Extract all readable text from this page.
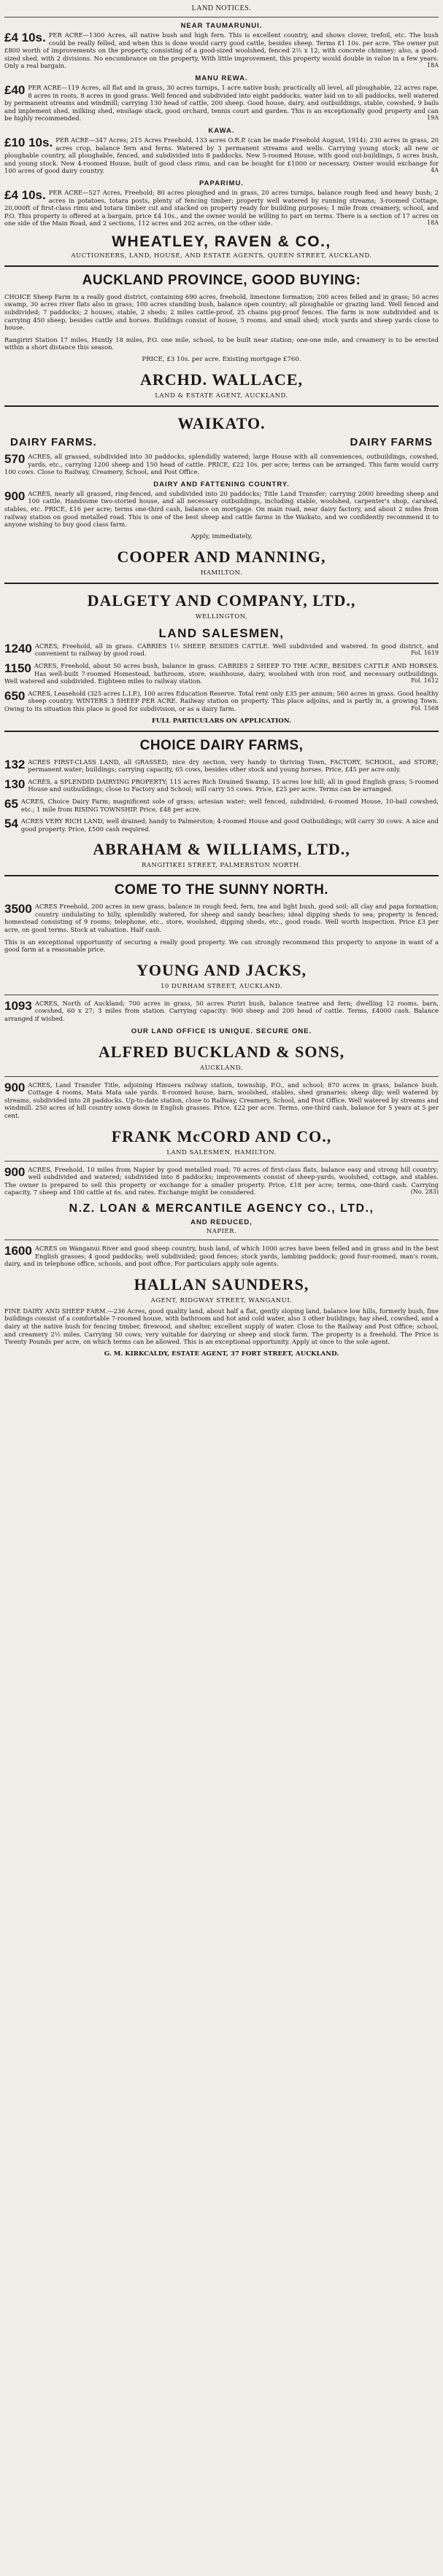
LAND NOTICES.
NEAR TAUMARUNUI.
£4 10s. PER ACRE—1300 Acres, all native bush and high fern. This is excellent country, and shows clover, trefoil, etc. The bush could be really felled, and when this is done would carry good cattle, besides sheep. Terms £1 10s. per acre. The owner put £800 worth of improvements on the property, consisting of a good-sized woolshed, fenced 2½ x 12, with concrete chimney; also, a good-sized shed, with 2 divisions. No encumbrance on the property. With little improvement, this property would double in value in a few years. Only a real bargain.	18A
MANU REWA.
£40 PER ACRE—119 Acres, all flat and in grass, 30 acres turnips, 1 acre native bush; practically all level, all ploughable, 22 acres rape, 8 acres in roots, 8 acres in good grass. Well fenced and subdivided into eight paddocks, water laid on to all paddocks, well watered by permanent streams and windmill; carrying 130 head of cattle, 200 sheep. Good house, dairy, and outbuildings, stable, cowshed, 9 bails and implement shed, milking shed, ensilage stack, good orchard, tennis court and garden. This is an exceptionally good property and can be highly recommended.	19A
KAWA.
£10 10s. PER ACRE—347 Acres; 215 Acres Freehold, 133 acres O.R.P. (can be made Freehold August, 1914); 230 acres in grass, 20 acres crop, balance fern and ferns. Watered by 3 permanent streams and wells. Carrying young stock; all new or ploughable country, all ploughable, fenced, and subdivided into 8 paddocks. New 5-roomed House, with good out-buildings, 5 acres bush, and young stock. New 4-roomed House, built of good class rimu, and can be bought for £1000 or necessary. Owner would exchange for 100 acres of good dairy country.	4A
PAPARIMU.
£4 10s. PER ACRE—527 Acres, Freehold; 80 acres ploughed and in grass, 20 acres turnips, balance rough feed and heavy bush; 2 acres in potatoes, totara posts, plenty of fencing timber; property well watered by running streams; 3-roomed Cottage, 20,000ft of first-class rimu and totara timber cut and stacked on property ready for building purposes; 1 mile from creamery, school, and P.O. This property is offered at a bargain, price £4 10s., and the owner would be willing to part on terms. There is a section of 17 acres on one side of the Main Road, and 2 sections, 112 acres and 202 acres, on the other side.	18A
WHEATLEY, RAVEN & CO.,
AUCTIONEERS, LAND, HOUSE, AND ESTATE AGENTS, QUEEN STREET, AUCKLAND.
AUCKLAND PROVINCE, GOOD BUYING:
CHOICE Sheep Farm in a really good district, containing 690 acres, freehold, limestone formation; 200 acres felled and in grass; 50 acres swamp, 30 acres river flats also in grass; 100 acres standing bush, balance open country; all ploughable or grazing land. Well fenced and subdivided; 7 paddocks; 2 houses, stable, 2 sheds; 2 miles cattle-proof, 25 chains pig-proof fences. The farm is now subdivided and is carrying 450 sheep, besides cattle and horses. Buildings consist of house, 5 rooms, and small shed; stock yards and sheep yards close to house.
Rangiriri Station 17 miles, Huntly 18 miles, P.O. one mile, school, to be built near station; one-one mile, and creamery is to be erected within a short distance this season.
PRICE, £3 10s. per acre. Existing mortgage £760.
ARCHD. WALLACE,
LAND & ESTATE AGENT, AUCKLAND.
WAIKATO.
DAIRY FARMS.	DAIRY FARMS
570 ACRES, all grassed, subdivided into 30 paddocks, splendidly watered; large House with all conveniences, outbuildings, cowshed, yards, etc., carrying 1200 sheep and 150 head of cattle. PRICE, £22 10s. per acre; terms can be arranged. This farm would carry 100 cows. Close to Railway, Creamery, School, and Post Office.
DAIRY AND FATTENING COUNTRY.
900 ACRES, nearly all grassed, ring-fenced, and subdivided into 20 paddocks; Title Land Transfer; carrying 2000 breeding sheep and 100 cattle. Handsome two-storied house, and all necessary outbuildings, including stable, woolshed, carpenter's shop, carshed, stables, etc. PRICE, £16 per acre; terms one-third cash, balance on mortgage. On main road, near dairy factory, and about 2 miles from railway station on good metalled road. This is one of the best sheep and cattle farms in the Waikato, and we confidently recommend it to anyone wishing to buy good class farm.
Apply, immediately,
COOPER AND MANNING,
HAMILTON.
DALGETY AND COMPANY, LTD.,
WELLINGTON,
LAND SALESMEN,
1240 ACRES, Freehold, all in grass. CARRIES 1½ SHEEP, BESIDES CATTLE. Well subdivided and watered. In good district, and convenient to railway by good road.	Fol. 1619
1150 ACRES, Freehold, about 50 acres bush, balance in grass. CARRIES 2 SHEEP TO THE ACRE, BESIDES CATTLE AND HORSES. Has well-built 7-roomed Homestead, bathroom, store, washhouse, dairy, woolshed with iron roof, and necessary outbuildings. Well watered and subdivided. Eighteen miles to railway station.	Fol. 1612
650 ACRES, Leasehold (325 acres L.I.P.), 100 acres Education Reserve. Total rent only £35 per annum; 560 acres in grass. Good healthy sheep country. WINTERS 3 SHEEP PER ACRE. Railway station on property. This place adjoins, and is partly in, a growing Town. Owing to its situation this place is good for subdivision, or as a dairy farm.	Fol. 1568
FULL PARTICULARS ON APPLICATION.
CHOICE DAIRY FARMS,
132 ACRES FIRST-CLASS LAND, all GRASSED; nice dry section, very handy to thriving Town, FACTORY, SCHOOL, and STORE; permanent water; buildings; carrying capacity, 65 cows, besides other stock and young horses. Price, £45 per acre only.
130 ACRES, a SPLENDID DAIRYING PROPERTY; 115 acres Rich Drained Swamp, 15 acres low hill; all in good English grass; 5-roomed House and outbuildings; close to Factory and School; will carry 55 cows. Price, £25 per acre. Terms can be arranged.
65 ACRES, Choice Dairy Farm; magnificent sole of grass; artesian water; well fenced, subdivided; 6-roomed House, 10-bail cowshed, etc.; 1 mile from RISING TOWNSHIP. Price, £48 per acre.
54 ACRES VERY RICH LAND, well drained; handy to Palmerston; 4-roomed House and good Outbuildings; will carry 30 cows. A nice and good property. Price, £500 cash required.
ABRAHAM & WILLIAMS, LTD.,
RANGITIKEI STREET, PALMERSTON NORTH.
COME TO THE SUNNY NORTH.
3500 ACRES Freehold, 200 acres in new grass, balance in rough feed, fern, tea and light bush, good soil; all clay and papa formation; country undulating to hilly, splendidly watered, for sheep and sandy beaches; ideal dipping sheds to sea; property is fenced; homestead consisting of 9 rooms; telephone, etc., store, woolshed, dipping sheds, etc., good roads. Well worth inspection. Price £3 per acre, on good terms. Stock at valuation. Half cash.
This is an exceptional opportunity of securing a really good property. We can strongly recommend this property to anyone in want of a good farm at a reasonable price.
YOUNG AND JACKS,
10 DURHAM STREET, AUCKLAND.
1093 ACRES, North of Auckland; 700 acres in grass, 50 acres Puriri bush, balance teatree and fern; dwelling 12 rooms, barn, cowshed, 60 x 27; 3 miles from station. Carrying capacity: 900 sheep and 200 head of cattle. Terms, £4000 cash. Balance arranged if wished.
OUR LAND OFFICE IS UNIQUE. SECURE ONE.
ALFRED BUCKLAND & SONS,
AUCKLAND.
900 ACRES, Land Transfer Title, adjoining Hinuera railway station, township, P.O., and school; 870 acres in grass, balance bush. Cottage 4 rooms, Mata Mata sale yards. 8-roomed house, barn, woolshed, stables, shed granaries; sheep dip; well watered by streams, subdivided into 28 paddocks. Up-to-date station, close to Railway, Creamery, School, and Post Office. Well watered by streams and windmill. 250 acres of hill country sown down in English grasses. Price, £22 per acre. Terms, one-third cash, balance for 5 years at 5 per cent.
FRANK McCORD AND CO.,
LAND SALESMEN, HAMILTON.
900 ACRES, Freehold, 10 miles from Napier by good metalled road; 70 acres of first-class flats, balance easy and strong hill country; well subdivided and watered; subdivided into 8 paddocks; improvements consist of sheep-yards, woolshed, cottage, and stables. The owner is prepared to sell this property or exchange for a smaller property. Price, £18 per acre; terms, one-third cash. Carrying capacity, 7 sheep and 100 cattle at 6s. and rates. Exchange might be considered.	(No. 283)
N.Z. LOAN & MERCANTILE AGENCY CO., LTD.,
AND REDUCED,
NAPIER.
1600 ACRES on Wanganui River and good sheep country, bush land, of which 1000 acres have been felled and in grass and in the best English grasses; 4 good paddocks; well subdivided; good fences; stock yards, lambing paddock; good four-roomed, man's room, dairy, and in telephone office, schools, and post office. For particulars apply sole agents.
HALLAN SAUNDERS,
AGENT, RIDGWAY STREET, WANGANUI.
FINE DAIRY AND SHEEP FARM.—236 Acres, good quality land, about half a flat, gently sloping land, balance low hills, formerly bush, fine buildings consist of a comfortable 7-roomed house, with bathroom and hot and cold water, also 3 other buildings; hay shed, cowshed, and a dairy at the native bush for fencing timber, firewood, and shelter, excellent supply of water. Close to the Railway and Post Office; school, and creamery 2½ miles. Carrying 50 cows; very suitable for dairying or sheep and stock farm. The property is a freehold. The Price is Twenty Pounds per acre, on which terms can be allowed. This is an exceptional opportunity. Apply at once to the sole agent.
G. M. KIRKCALDY, ESTATE AGENT, 37 FORT STREET, AUCKLAND.
